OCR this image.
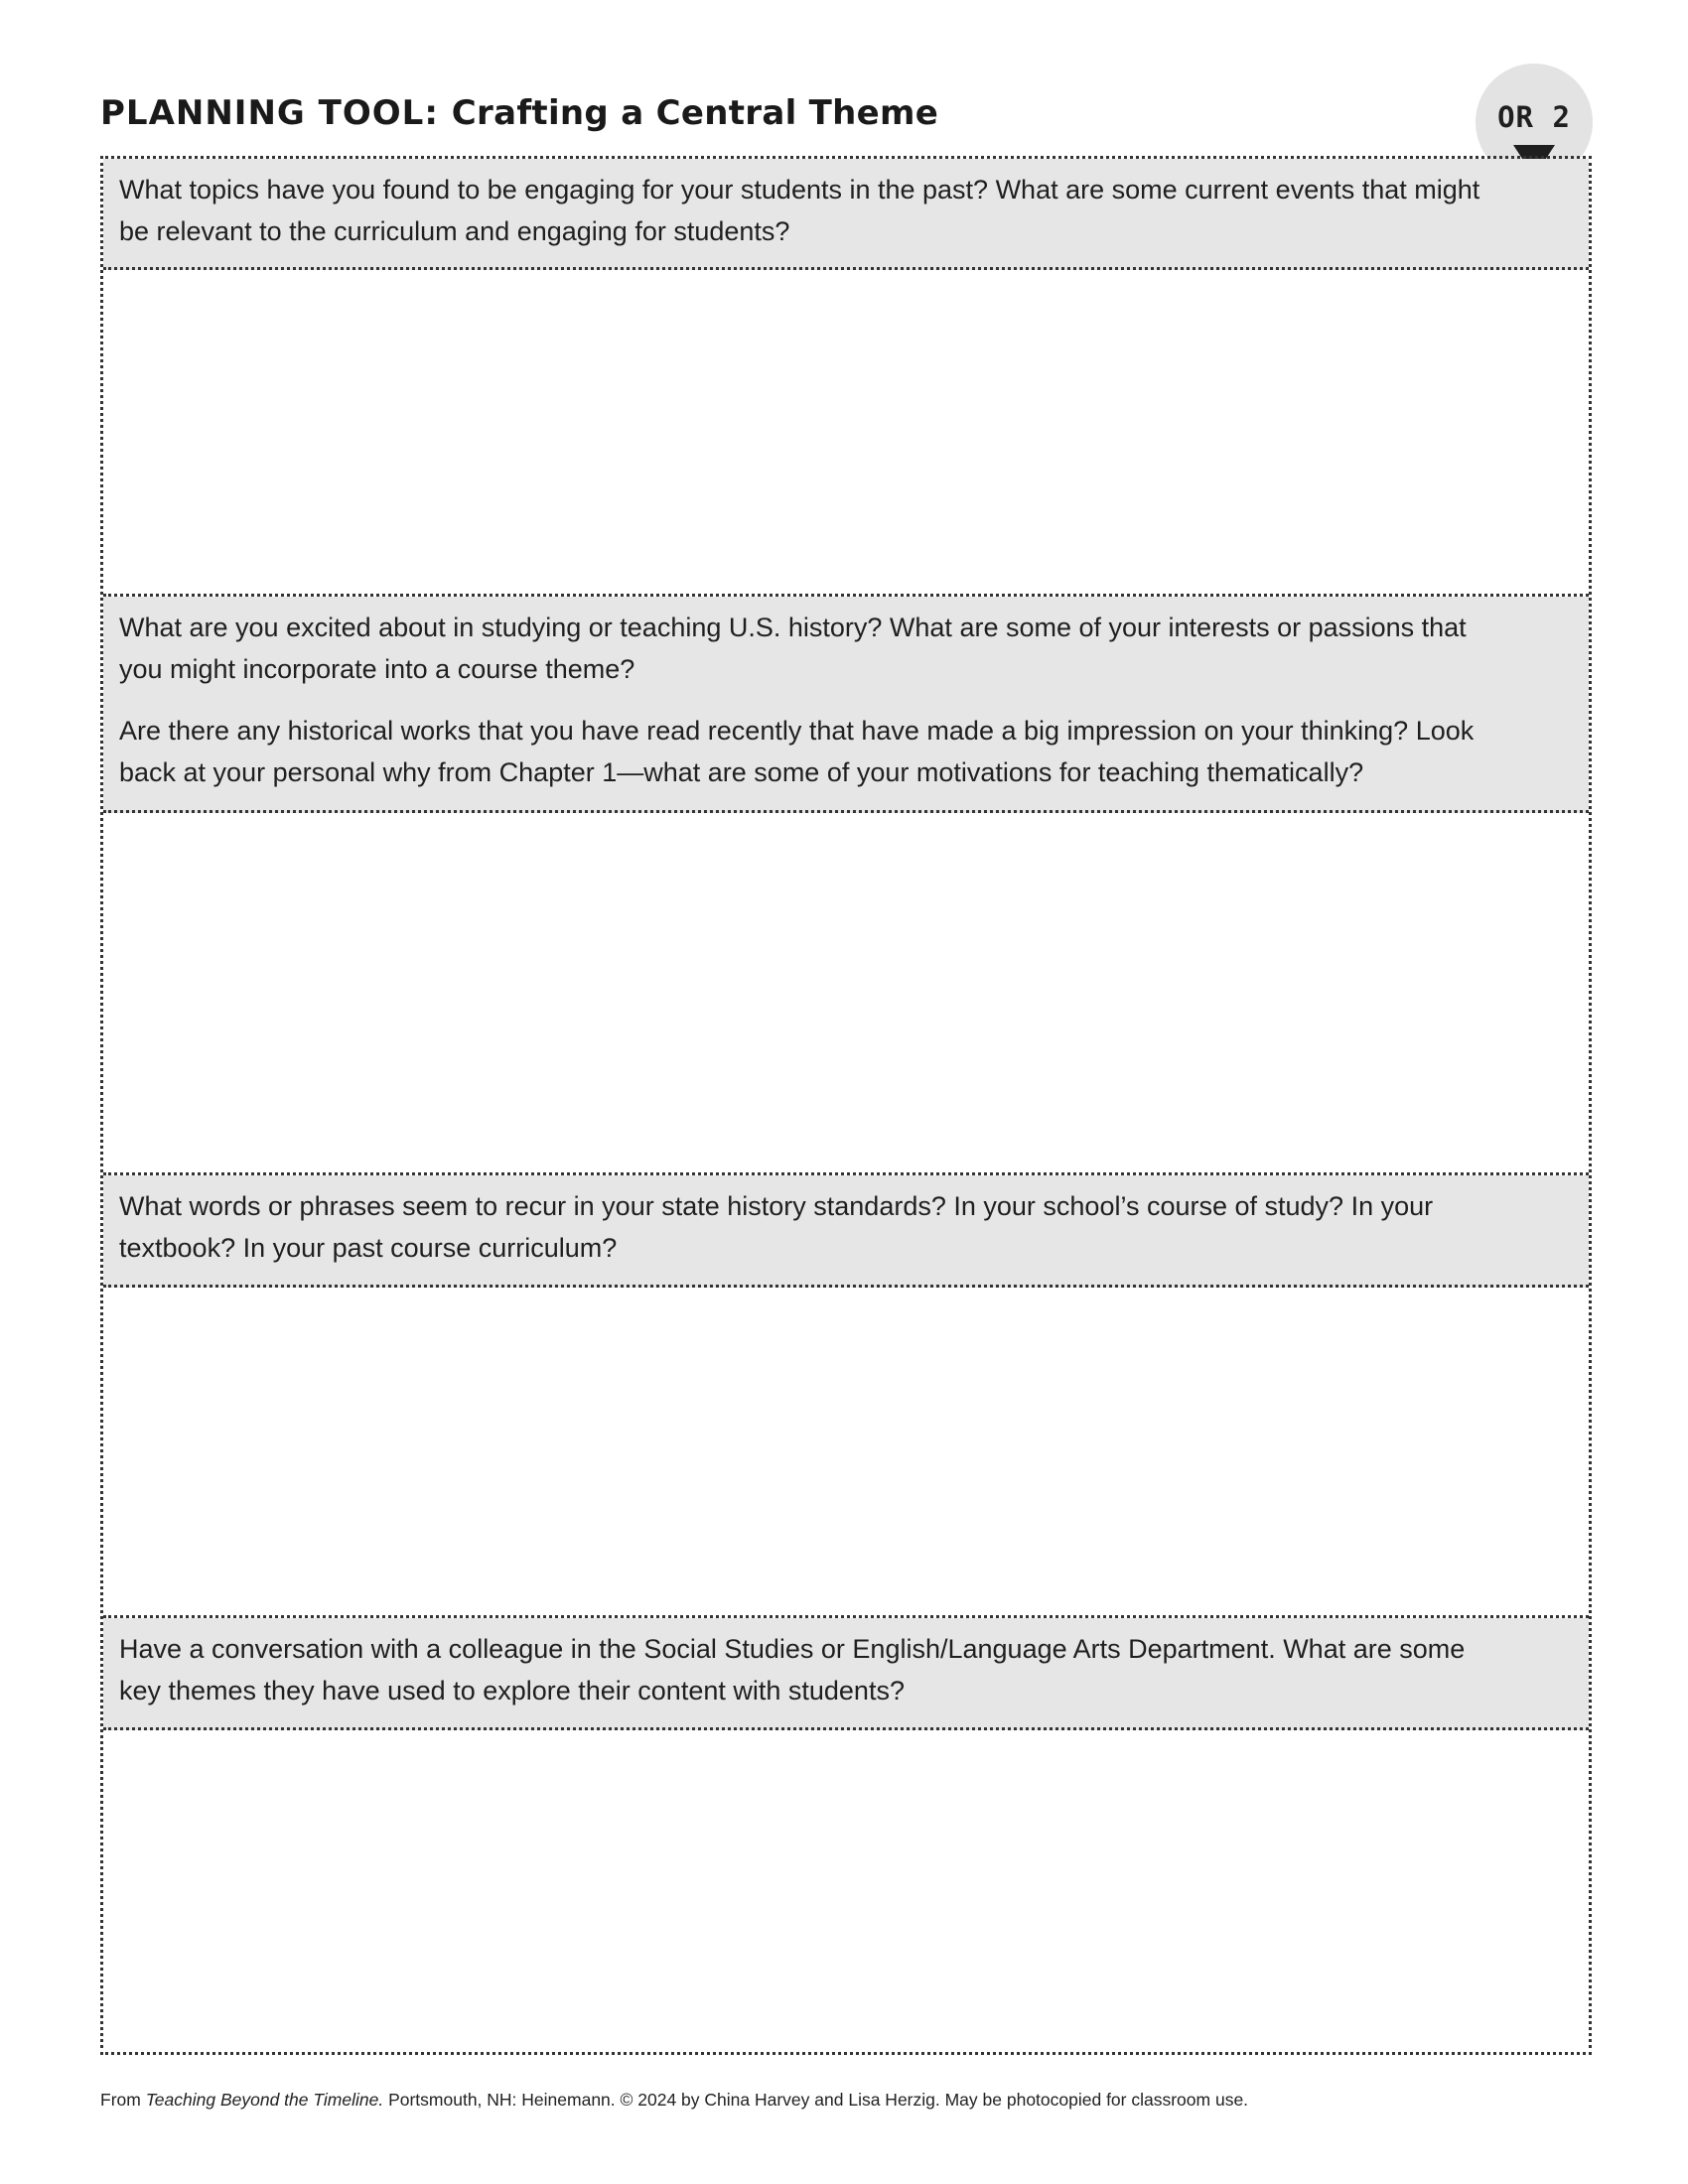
PLANNING TOOL: Crafting a Central Theme	OR 2

What topics have you found to be engaging for your students in the past? What are some current events that might be relevant to the curriculum and engaging for students?

What are you excited about in studying or teaching U.S. history? What are some of your interests or passions that you might incorporate into a course theme?

Are there any historical works that you have read recently that have made a big impression on your thinking? Look back at your personal why from Chapter 1—what are some of your motivations for teaching thematically?

What words or phrases seem to recur in your state history standards? In your school’s course of study? In your textbook? In your past course curriculum?

Have a conversation with a colleague in the Social Studies or English/Language Arts Department. What are some key themes they have used to explore their content with students?

From Teaching Beyond the Timeline. Portsmouth, NH: Heinemann. © 2024 by China Harvey and Lisa Herzig. May be photocopied for classroom use.
